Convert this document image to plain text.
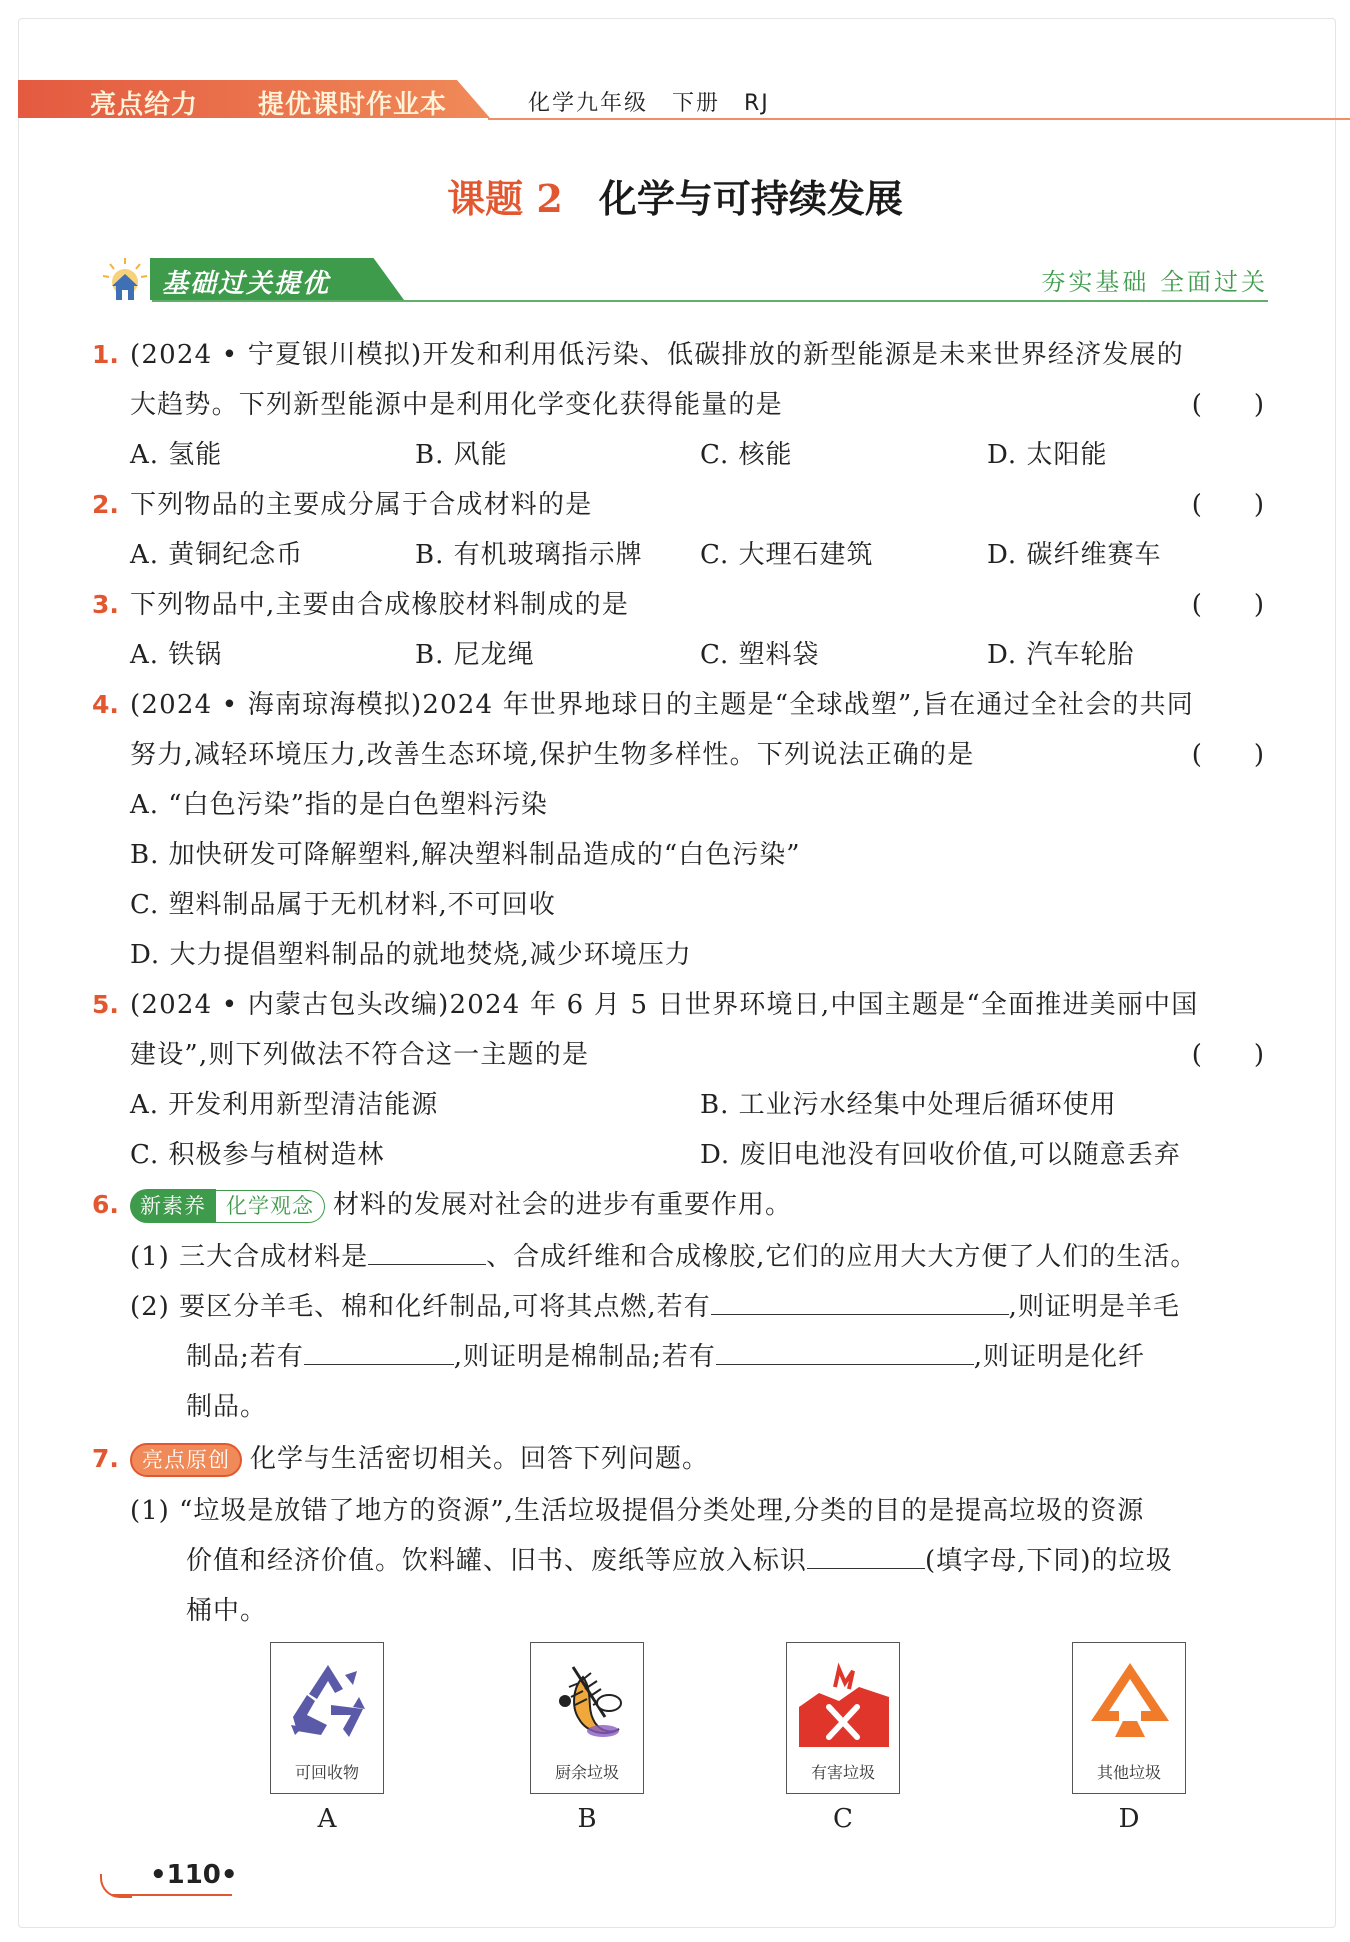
亮点给力 提优课时作业本	化学九年级　下册　RJ
课题 2 化学与可持续发展
基础过关提优	夯实基础 全面过关
1. (2024 • 宁夏银川模拟)开发和利用低污染、低碳排放的新型能源是未来世界经济发展的
大趋势。下列新型能源中是利用化学变化获得能量的是	(　　)
A. 氢能	B. 风能	C. 核能	D. 太阳能
2. 下列物品的主要成分属于合成材料的是	(　　)
A. 黄铜纪念币	B. 有机玻璃指示牌 C. 大理石建筑	D. 碳纤维赛车
3. 下列物品中,主要由合成橡胶材料制成的是	(　　)
A. 铁锅	B. 尼龙绳	C. 塑料袋	D. 汽车轮胎
4. (2024 • 海南琼海模拟)2024 年世界地球日的主题是“全球战塑”,旨在通过全社会的共同
努力,减轻环境压力,改善生态环境,保护生物多样性。下列说法正确的是	(　　)
A. “白色污染”指的是白色塑料污染
B. 加快研发可降解塑料,解决塑料制品造成的“白色污染”
C. 塑料制品属于无机材料,不可回收
D. 大力提倡塑料制品的就地焚烧,减少环境压力
5. (2024 • 内蒙古包头改编)2024 年 6 月 5 日世界环境日,中国主题是“全面推进美丽中国
建设”,则下列做法不符合这一主题的是	(　　)
A. 开发利用新型清洁能源	B. 工业污水经集中处理后循环使用
C. 积极参与植树造林	D. 废旧电池没有回收价值,可以随意丢弃
6.	新素养 化学观念 材料的发展对社会的进步有重要作用。
(1) 三大合成材料是	、合成纤维和合成橡胶,它们的应用大大方便了人们的生活。
(2) 要区分羊毛、棉和化纤制品,可将其点燃,若有	,则证明是羊毛
制品;若有	,则证明是棉制品;若有	,则证明是化纤
制品。
7.	亮点原创 化学与生活密切相关。回答下列问题。
(1) “垃圾是放错了地方的资源”,生活垃圾提倡分类处理,分类的目的是提高垃圾的资源
价值和经济价值。饮料罐、旧书、废纸等应放入标识	(填字母,下同)的垃圾
桶中。
可回收物
A
厨余垃圾
B
有害垃圾
C
其他垃圾
D
•110•
